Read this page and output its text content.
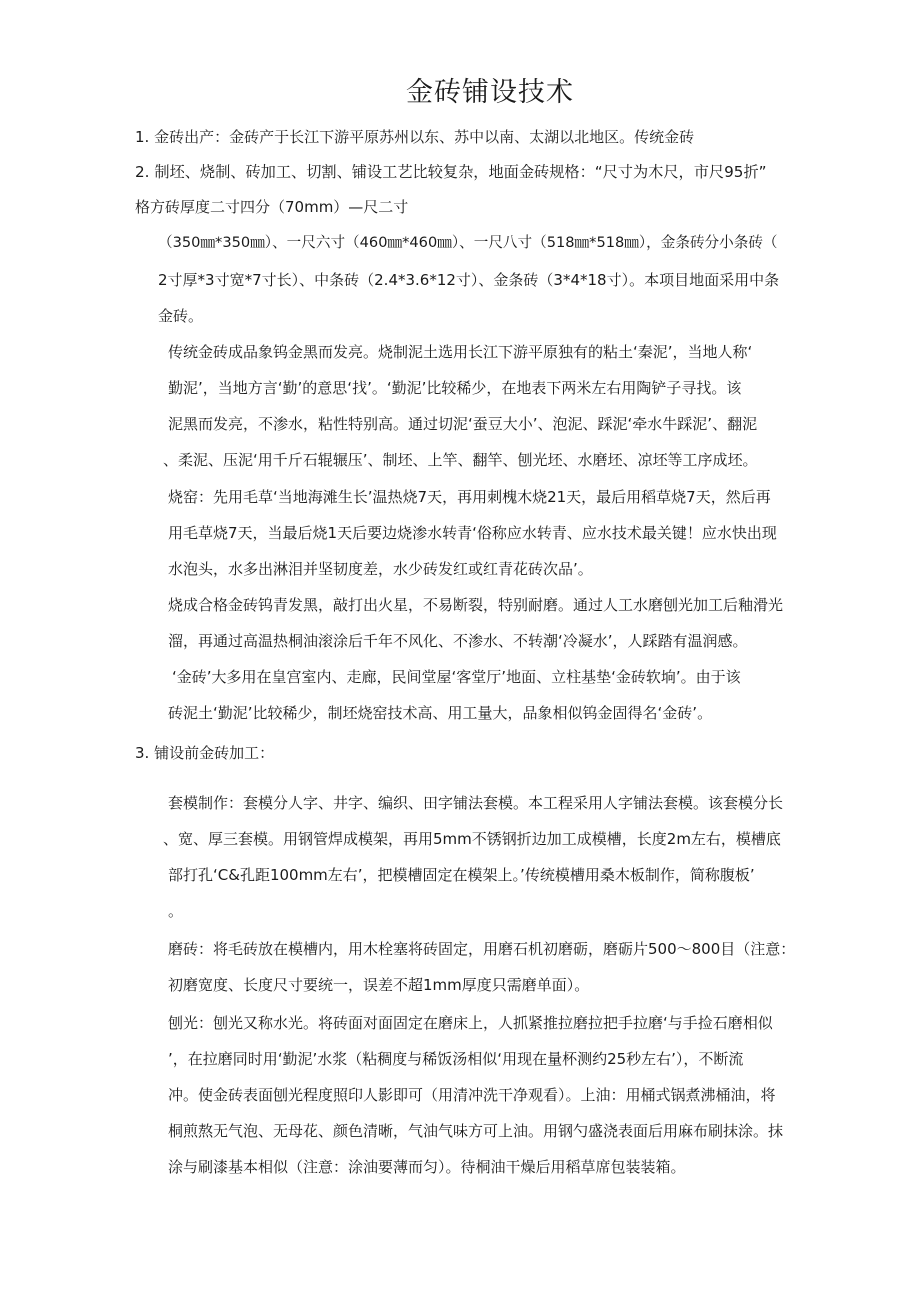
金砖铺设技术
1. 金砖出产：金砖产于长江下游平原苏州以东、苏中以南、太湖以北地区。传统金砖
2. 制坯、烧制、砖加工、切割、铺设工艺比较复杂，地面金砖规格：“尺寸为木尺，市尺95折”
格方砖厚度二寸四分（70mm）—尺二寸
（350㎜*350㎜）、一尺六寸（460㎜*460㎜）、一尺八寸（518㎜*518㎜），金条砖分小条砖（
2寸厚*3寸宽*7寸长）、中条砖（2.4*3.6*12寸）、金条砖（3*4*18寸）。本项目地面采用中条
金砖。
传统金砖成品象钨金黑而发亮。烧制泥土选用长江下游平原独有的粘土‘秦泥’，当地人称‘
勤泥’，当地方言‘勤’的意思‘找’。‘勤泥’比较稀少，在地表下两米左右用陶铲子寻找。该
泥黑而发亮，不渗水，粘性特别高。通过切泥‘蚕豆大小’、泡泥、踩泥‘牵水牛踩泥’、翻泥
、柔泥、压泥‘用千斤石辊辗压’、制坯、上竿、翻竿、刨光坯、水磨坯、凉坯等工序成坯。
烧窑：先用毛草‘当地海滩生长’温热烧7天，再用刺槐木烧21天，最后用稻草烧7天，然后再
用毛草烧7天，当最后烧1天后要边烧渗水转青‘俗称应水转青、应水技术最关键！应水快出现
水泡头，水多出淋泪并坚韧度差，水少砖发红或红青花砖次品’。
烧成合格金砖钨青发黑，敲打出火星，不易断裂，特别耐磨。通过人工水磨刨光加工后釉滑光
溜，再通过高温热桐油滚涂后千年不风化、不渗水、不转潮‘冷凝水’，人踩踏有温润感。
‘金砖’大多用在皇宫室内、走廊，民间堂屋‘客堂厅’地面、立柱基垫‘金砖软垧’。由于该
砖泥土‘勤泥’比较稀少，制坯烧窑技术高、用工量大，品象相似钨金固得名‘金砖’。
3. 铺设前金砖加工：
套模制作：套模分人字、井字、编织、田字铺法套模。本工程采用人字铺法套模。该套模分长
、宽、厚三套模。用钢管焊成模架，再用5mm不锈钢折边加工成模槽，长度2m左右，模槽底
部打孔‘C&孔距100mm左右’，把模槽固定在模架上。’传统模槽用桑木板制作，简称腹板’
。
磨砖：将毛砖放在模槽内，用木栓塞将砖固定，用磨石机初磨砺，磨砺片500～800目（注意：
初磨宽度、长度尺寸要统一，误差不超1mm厚度只需磨单面）。
刨光：刨光又称水光。将砖面对面固定在磨床上，人抓紧推拉磨拉把手拉磨‘与手捡石磨相似
’，在拉磨同时用‘勤泥’水浆（粘稠度与稀饭汤相似‘用现在量杯测约25秒左右’），不断流
冲。使金砖表面刨光程度照印人影即可（用清冲洗干净观看）。上油：用桶式锅煮沸桶油，将
桐煎熬无气泡、无母花、颜色清晰，气油气味方可上油。用钢勺盛浇表面后用麻布刷抹涂。抹
涂与刷漆基本相似（注意：涂油要薄而匀）。待桐油干燥后用稻草席包装装箱。
